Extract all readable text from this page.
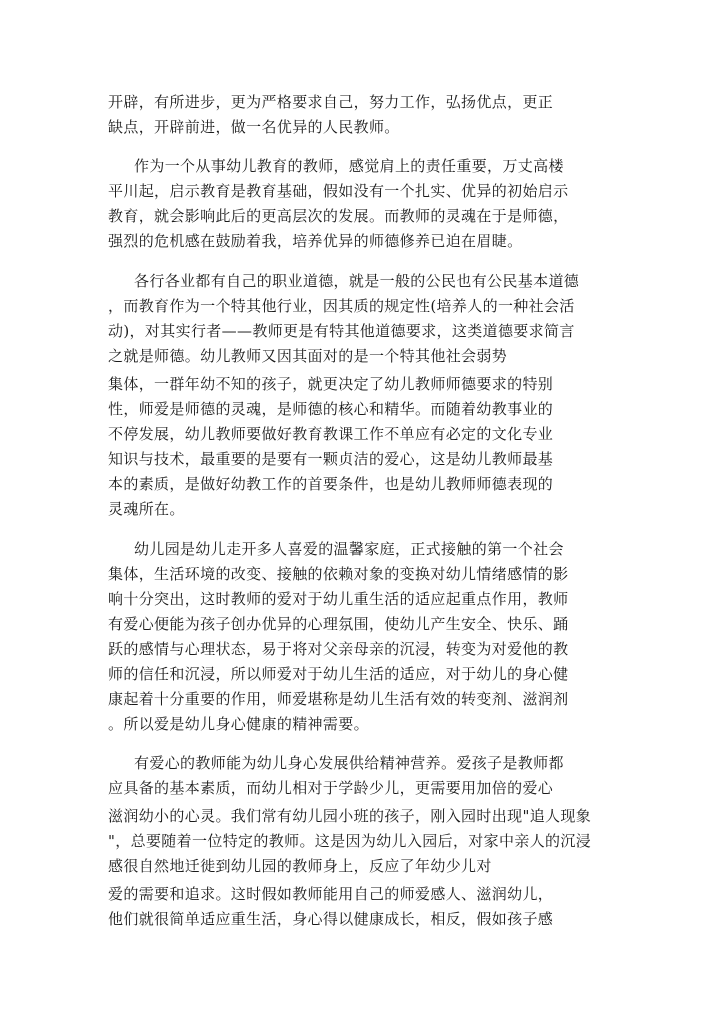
开辟，有所进步，更为严格要求自己，努力工作，弘扬优点，更正
缺点，开辟前进，做一名优异的人民教师。
作为一个从事幼儿教育的教师，感觉肩上的责任重要，万丈高楼
平川起，启示教育是教育基础，假如没有一个扎实、优异的初始启示
教育，就会影响此后的更高层次的发展。而教师的灵魂在于是师德，
强烈的危机感在鼓励着我，培养优异的师德修养已迫在眉睫。
各行各业都有自己的职业道德，就是一般的公民也有公民基本道德
，而教育作为一个特其他行业，因其质的规定性(培养人的一种社会活
动)，对其实行者——教师更是有特其他道德要求，这类道德要求简言
之就是师德。幼儿教师又因其面对的是一个特其他社会弱势
集体，一群年幼不知的孩子，就更决定了幼儿教师师德要求的特别
性，师爱是师德的灵魂，是师德的核心和精华。而随着幼教事业的
不停发展，幼儿教师要做好教育教课工作不单应有必定的文化专业
知识与技术，最重要的是要有一颗贞洁的爱心，这是幼儿教师最基
本的素质，是做好幼教工作的首要条件，也是幼儿教师师德表现的
灵魂所在。
幼儿园是幼儿走开多人喜爱的温馨家庭，正式接触的第一个社会
集体，生活环境的改变、接触的依赖对象的变换对幼儿情绪感情的影
响十分突出，这时教师的爱对于幼儿重生活的适应起重点作用，教师
有爱心便能为孩子创办优异的心理氛围，使幼儿产生安全、快乐、踊
跃的感情与心理状态，易于将对父亲母亲的沉浸，转变为对爱他的教
师的信任和沉浸，所以师爱对于幼儿生活的适应，对于幼儿的身心健
康起着十分重要的作用，师爱堪称是幼儿生活有效的转变剂、滋润剂
。所以爱是幼儿身心健康的精神需要。
有爱心的教师能为幼儿身心发展供给精神营养。爱孩子是教师都
应具备的基本素质，而幼儿相对于学龄少儿，更需要用加倍的爱心
滋润幼小的心灵。我们常有幼儿园小班的孩子，刚入园时出现"追人现象
"，总要随着一位特定的教师。这是因为幼儿入园后，对家中亲人的沉浸
感很自然地迁徙到幼儿园的教师身上，反应了年幼少儿对
爱的需要和追求。这时假如教师能用自己的师爱感人、滋润幼儿，
他们就很简单适应重生活，身心得以健康成长，相反，假如孩子感
